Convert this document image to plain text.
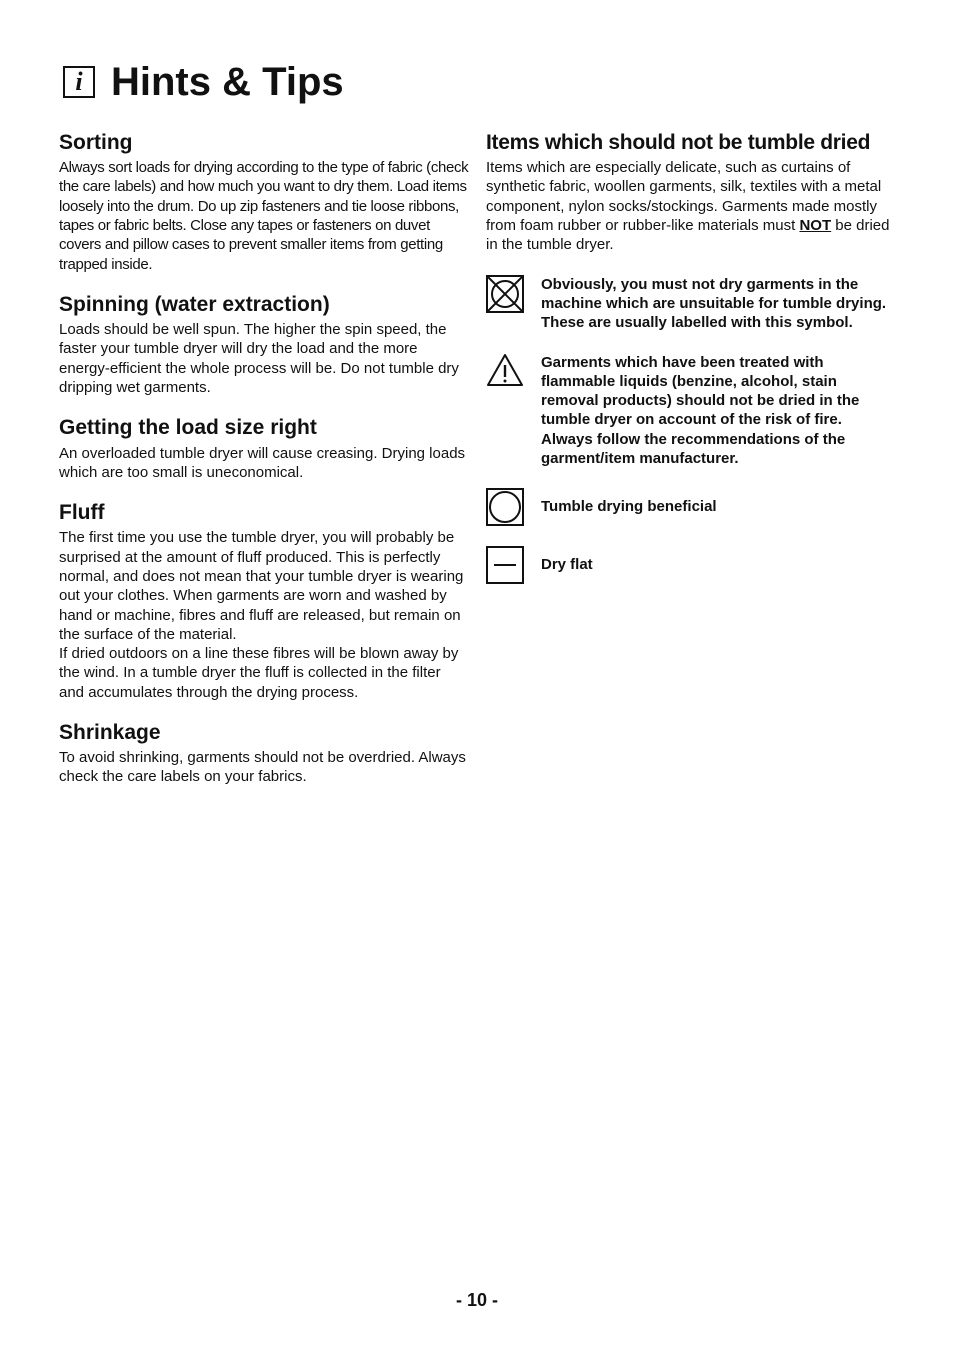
i Hints & Tips
Sorting

Always sort loads for drying according to the type of fabric (check the care labels) and how much you want to dry them. Load items loosely into the drum. Do up zip fasteners and tie loose ribbons, tapes or fabric belts. Close any tapes or fasteners on duvet covers and pillow cases to prevent smaller items from getting trapped inside.

Spinning (water extraction)

Loads should be well spun. The higher the spin speed, the faster your tumble dryer will dry the load and the more energy-efficient the whole process will be. Do not tumble dry dripping wet garments.

Getting the load size right

An overloaded tumble dryer will cause creasing. Drying loads which are too small is uneconomical.

Fluff

The first time you use the tumble dryer, you will probably be surprised at the amount of fluff produced. This is perfectly normal, and does not mean that your tumble dryer is wearing out your clothes. When garments are worn and washed by hand or machine, fibres and fluff are released, but remain on the surface of the material.

If dried outdoors on a line these fibres will be blown away by the wind. In a tumble dryer the fluff is collected in the filter and accumulates through the drying process.

Shrinkage

To avoid shrinking, garments should not be overdried. Always check the care labels on your fabrics.

Items which should not be tumble dried

Items which are especially delicate, such as curtains of synthetic fabric, woollen garments, silk, textiles with a metal component, nylon socks/stockings. Garments made mostly from foam rubber or rubber-like materials must NOT be dried in the tumble dryer.

Obviously, you must not dry garments in the machine which are unsuitable for tumble drying. These are usually labelled with this symbol.

Garments which have been treated with flammable liquids (benzine, alcohol, stain removal products) should not be dried in the tumble dryer on account of the risk of fire. Always follow the recommendations of the garment/item manufacturer.

Tumble drying beneficial

Dry flat

- 10 -
